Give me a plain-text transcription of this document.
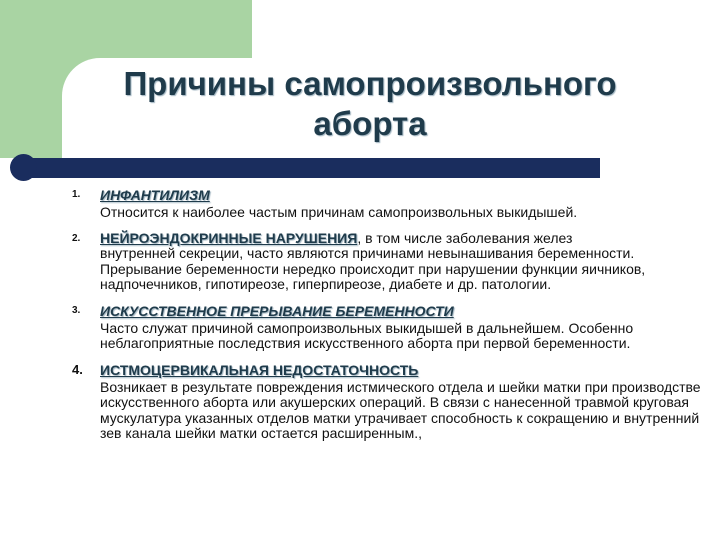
Причины самопроизвольного
аборта
1. ИНФАНТИЛИЗМ
Относится к наиболее частым причинам самопроизвольных выкидышей.
2. НЕЙРОЭНДОКРИННЫЕ НАРУШЕНИЯ, в том числе заболевания желез
внутренней секреции, часто являются причинами невынашивания беременности. Прерывание беременности нередко происходит при нарушении функции яичников, надпочечников, гипотиреозе, гиперпиреозе, диабете и др. патологии.
3. ИСКУССТВЕННОЕ ПРЕРЫВАНИЕ БЕРЕМЕННОСТИ
Часто служат причиной самопроизвольных выкидышей в дальнейшем. Особенно неблагоприятные последствия искусственного аборта при первой беременности.
4. ИСТМОЦЕРВИКАЛЬНАЯ НЕДОСТАТОЧНОСТЬ
Возникает в результате повреждения истмического отдела и шейки матки при производстве искусственного аборта или акушерских операций. В связи с нанесенной травмой круговая мускулатура указанных отделов матки утрачивает способность к сокращению и внутренний зев канала шейки матки остается расширенным.,
